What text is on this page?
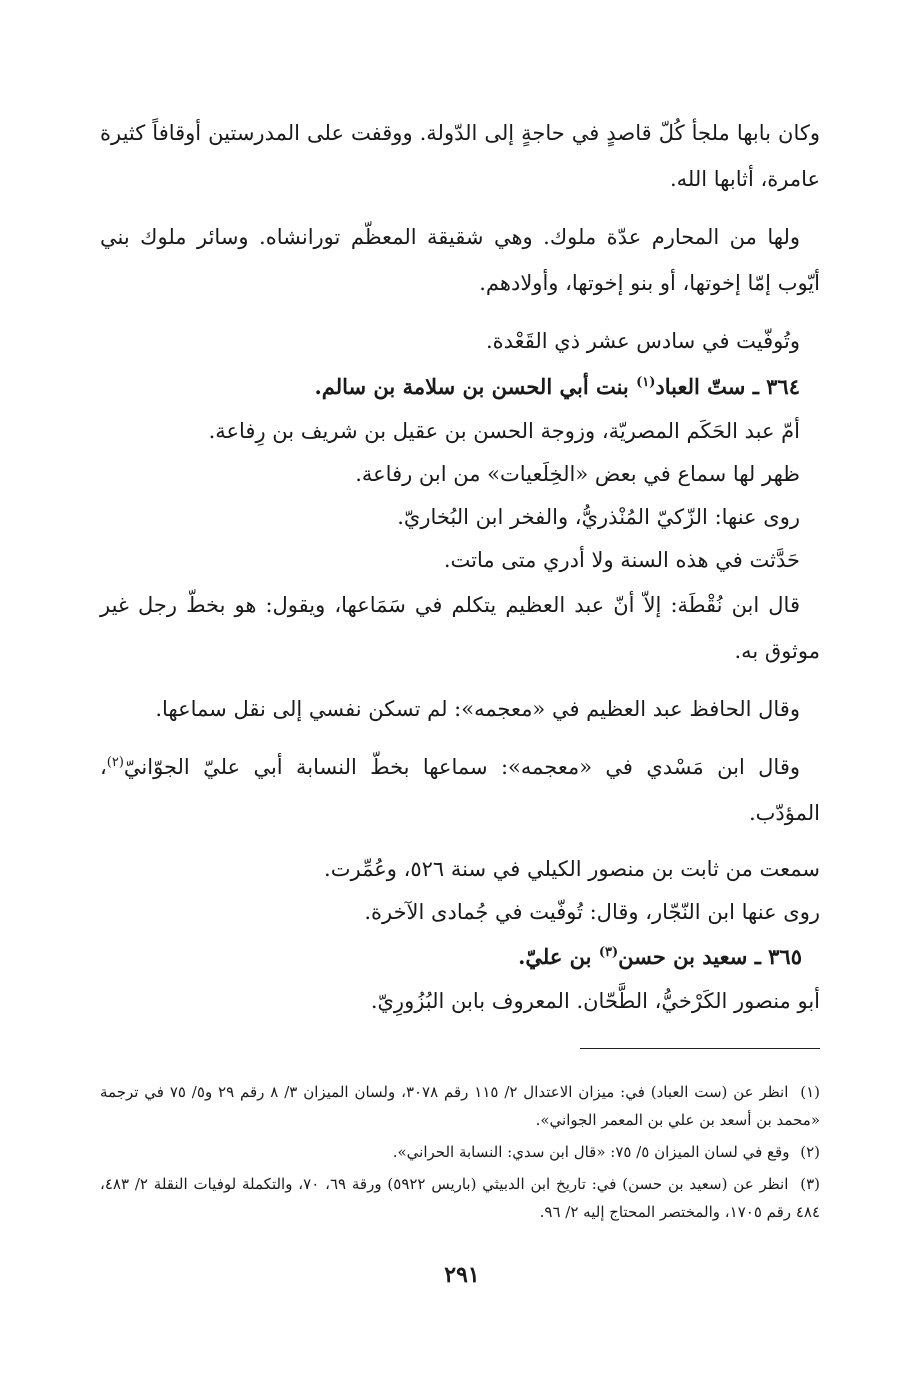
وكان بابها ملجأ كُلّ قاصدٍ في حاجةٍ إلى الدّولة. ووقفت على المدرستين أوقافاً كثيرة عامرة، أثابها الله.

ولها من المحارم عدّة ملوك. وهي شقيقة المعظّم تورانشاه. وسائر ملوك بني أيّوب إمّا إخوتها، أو بنو إخوتها، وأولادهم.

وتُوفّيت في سادس عشر ذي القَعْدة.

٣٦٤ ـ ستّ العباد$^{(١)}$ بنت أبي الحسن بن سلامة بن سالم.

أمّ عبد الحَكَم المصريّة، وزوجة الحسن بن عقيل بن شريف بن رِفاعة.

ظهر لها سماع في بعض «الخِلَعيات» من ابن رفاعة.

روى عنها: الزّكيّ المُنْذريُّ، والفخر ابن البُخاريّ.

حَدَّثت في هذه السنة ولا أدري متى ماتت.

قال ابن نُقْطَة: إلاّ أنّ عبد العظيم يتكلم في سَمَاعها، ويقول: هو بخطّ رجل غير موثوق به.

وقال الحافظ عبد العظيم في «معجمه»: لم تسكن نفسي إلى نقل سماعها.

وقال ابن مَسْدي في «معجمه»: سماعها بخطّ النسابة أبي عليّ الجوّانيّ$^{(٢)}$، المؤدّب.

سمعت من ثابت بن منصور الكيلي في سنة ٥٢٦، وعُمِّرت.

روى عنها ابن النّجّار، وقال: تُوفّيت في جُمادى الآخرة.

٣٦٥ ـ سعيد بن حسن$^{(٣)}$ بن عليّ.

أبو منصور الكَرْخيُّ، الطَّحّان. المعروف بابن البُزُورِيّ.

(١) انظر عن (ست العباد) في: ميزان الاعتدال ٢/ ١١٥ رقم ٣٠٧٨، ولسان الميزان ٣/ ٨ رقم ٢٩ و٥/ ٧٥ في ترجمة «محمد بن أسعد بن علي بن المعمر الجواني».

(٢) وقع في لسان الميزان ٥/ ٧٥: «قال ابن سدي: النسابة الحراني».

(٣) انظر عن (سعيد بن حسن) في: تاريخ ابن الدبيثي (باريس ٥٩٢٢) ورقة ٦٩، ٧٠، والتكملة لوفيات النقلة ٢/ ٤٨٣، ٤٨٤ رقم ١٧٠٥، والمختصر المحتاج إليه ٢/ ٩٦.

٢٩١
